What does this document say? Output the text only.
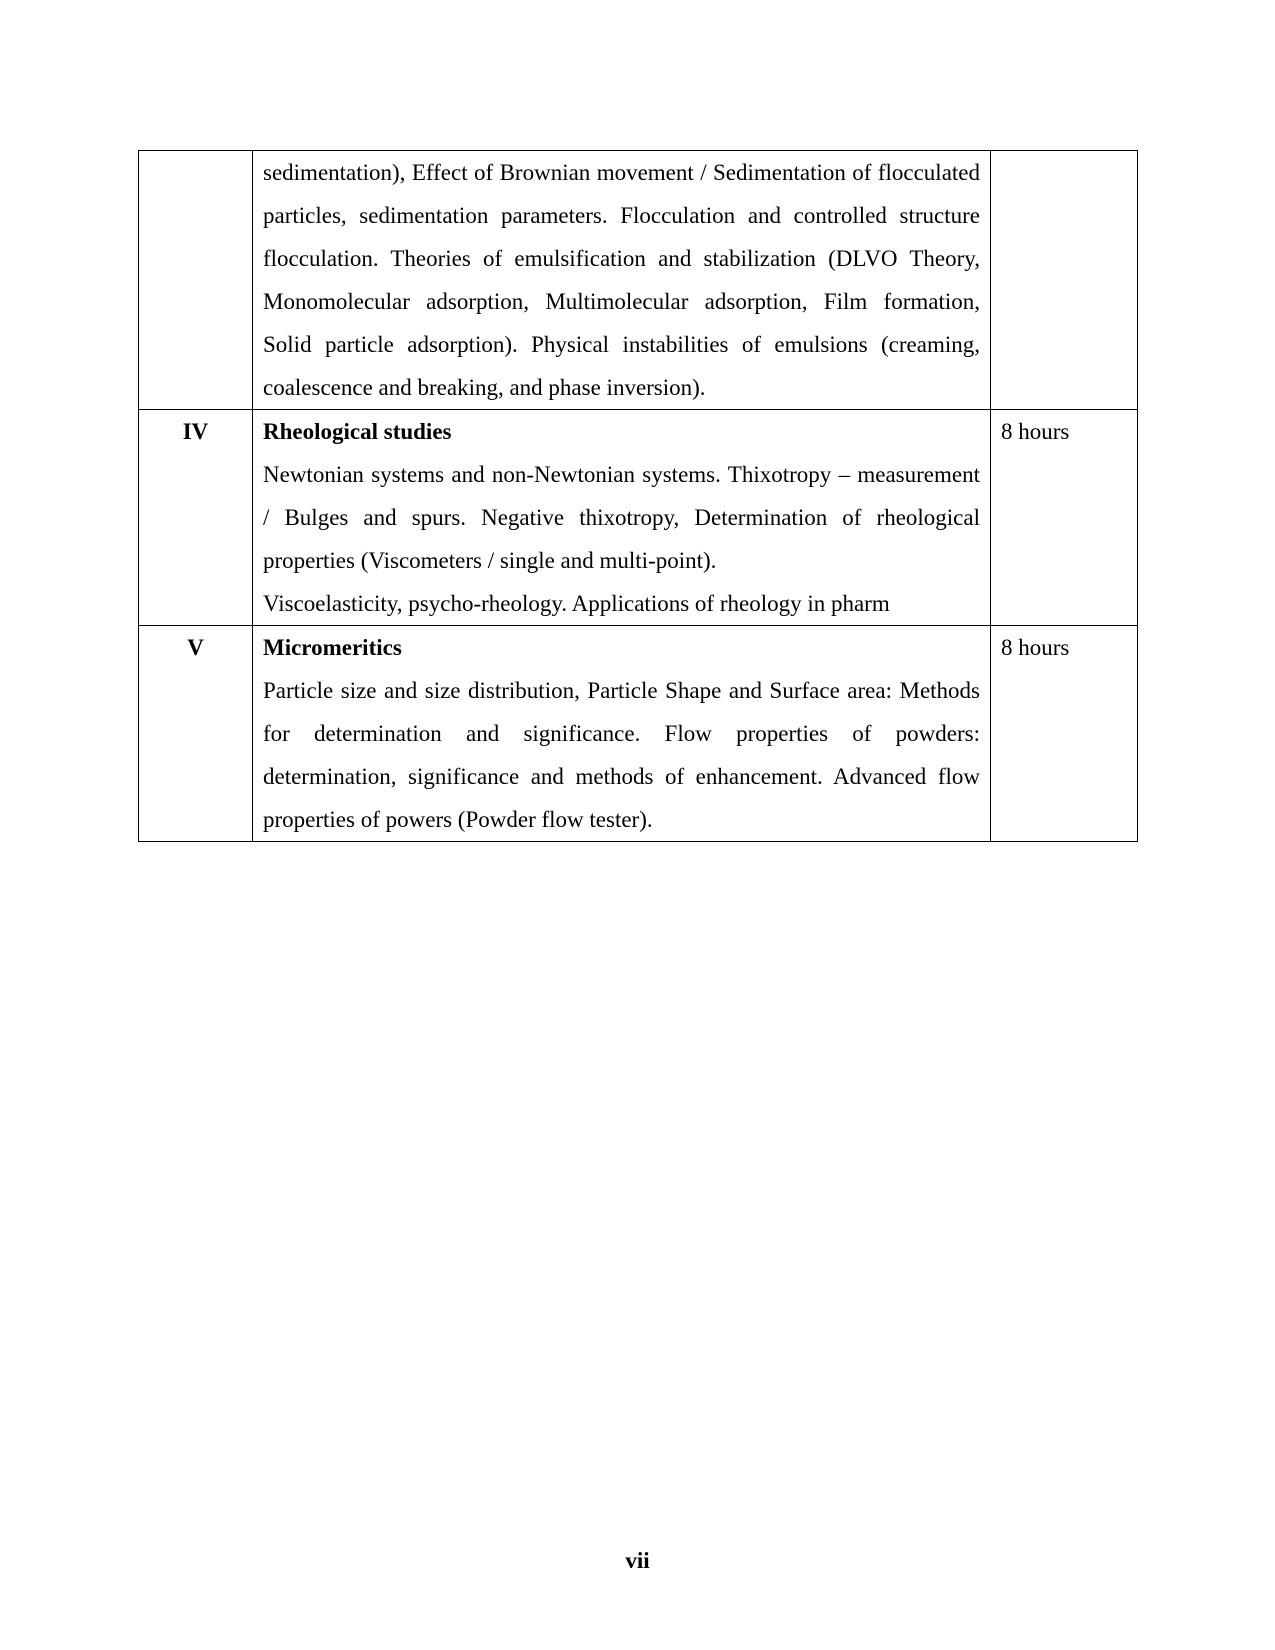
	sedimentation), Effect of Brownian movement / Sedimentation of flocculated particles, sedimentation parameters. Flocculation and controlled structure flocculation. Theories of emulsification and stabilization (DLVO Theory, Monomolecular adsorption, Multimolecular adsorption, Film formation, Solid particle adsorption). Physical instabilities of emulsions (creaming, coalescence and breaking, and phase inversion).	

IV	Rheological studies
Newtonian systems and non-Newtonian systems. Thixotropy – measurement / Bulges and spurs. Negative thixotropy, Determination of rheological properties (Viscometers / single and multi-point).
Viscoelasticity, psycho-rheology. Applications of rheology in pharm	8 hours
V	Micromeritics
Particle size and size distribution, Particle Shape and Surface area: Methods for determination and significance. Flow properties of powders: determination, significance and methods of enhancement. Advanced flow properties of powers (Powder flow tester).	8 hours
vii
